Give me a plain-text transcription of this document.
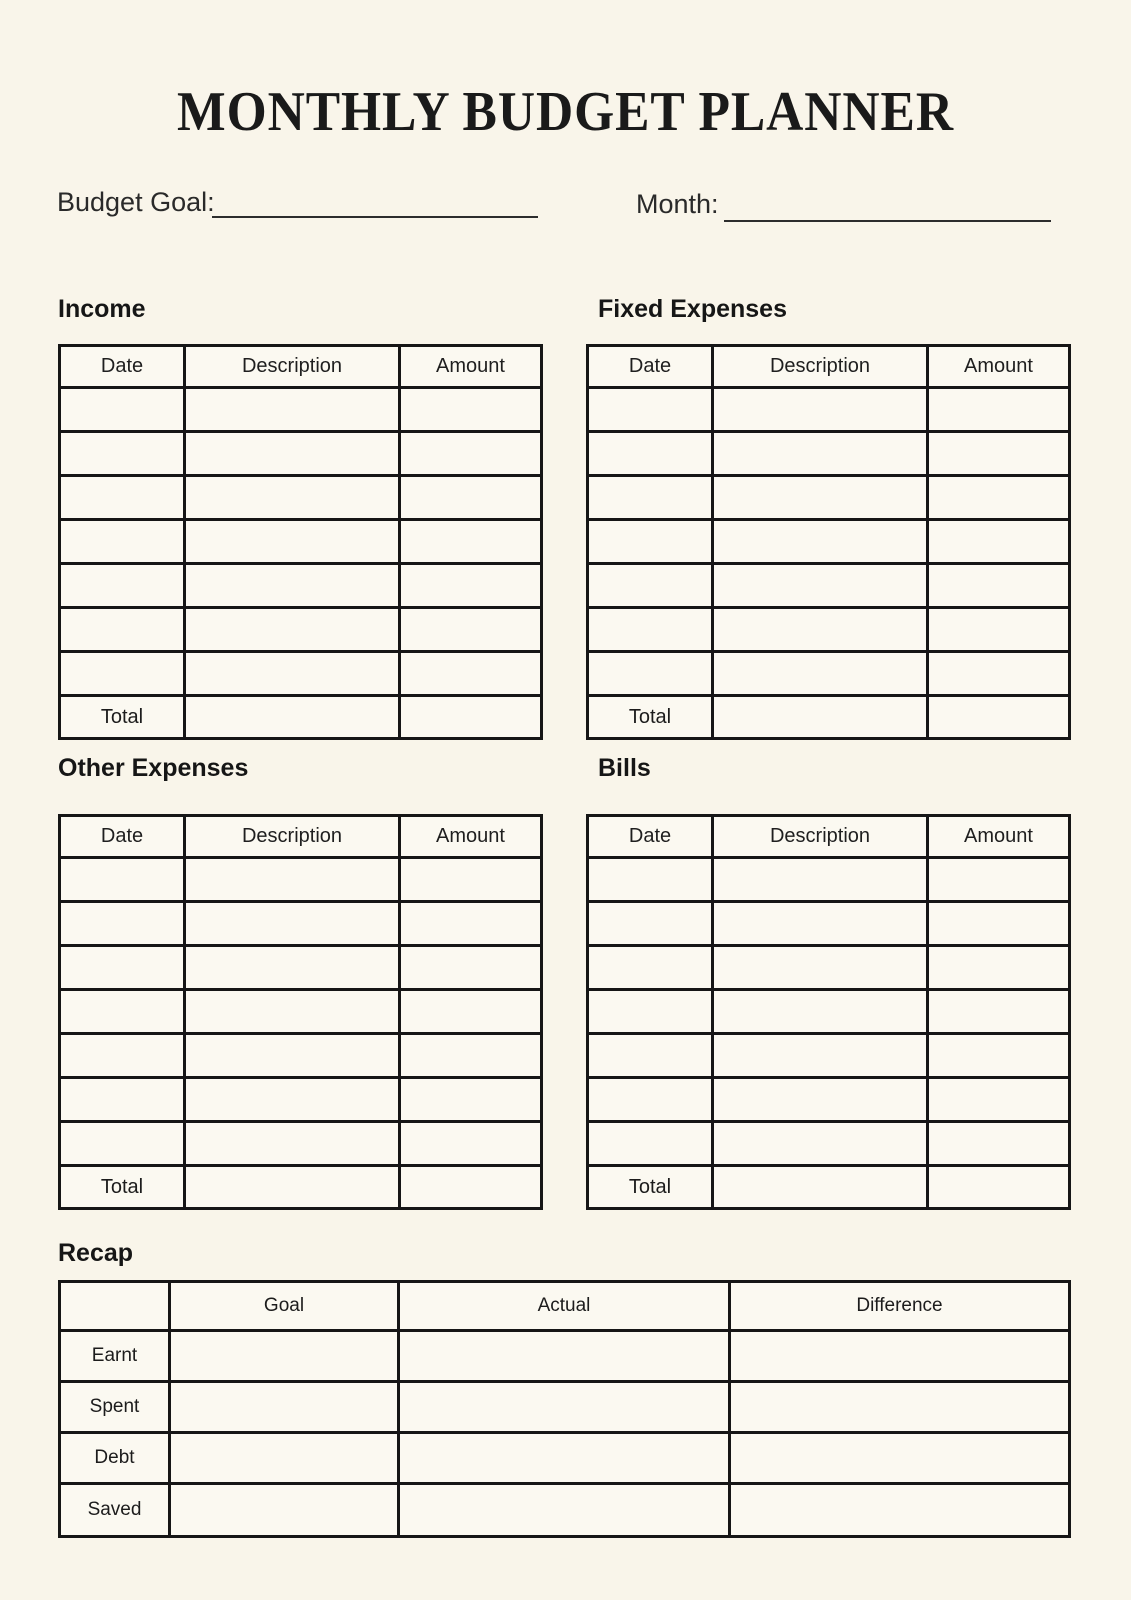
MONTHLY BUDGET PLANNER
Budget Goal:	Month:
Income
Date	Description	Amount
Total
Fixed Expenses
Date	Description	Amount
Total
Other Expenses
Date	Description	Amount
Total
Bills
Date	Description	Amount
Total
Recap
Goal	Actual	Difference
Earnt
Spent
Debt
Saved
